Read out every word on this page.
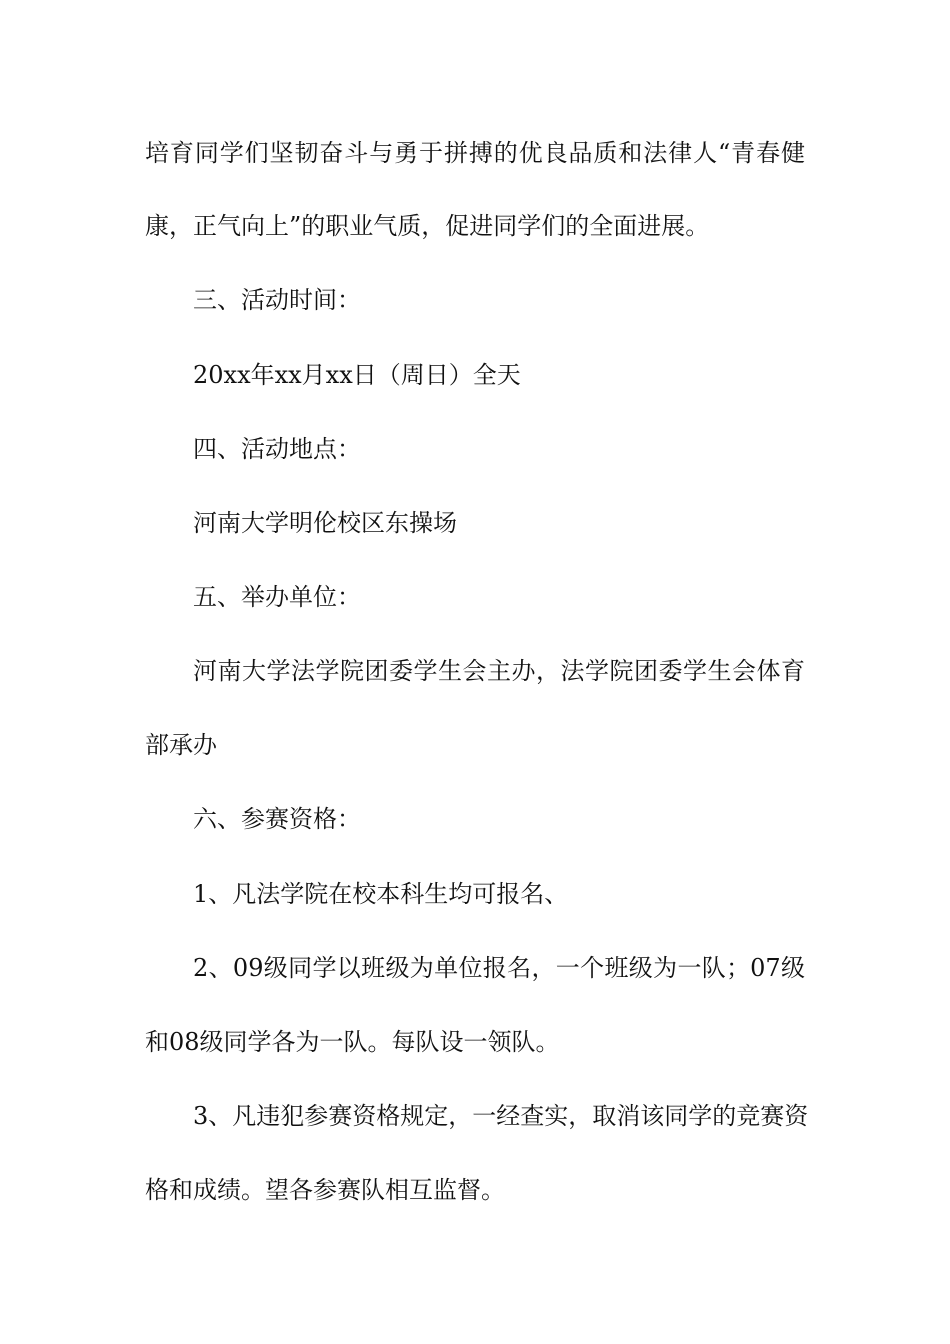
培育同学们坚韧奋斗与勇于拼搏的优良品质和法律人“青春健
康，正气向上”的职业气质，促进同学们的全面进展。
三、活动时间：
20xx年xx月xx日（周日）全天
四、活动地点：
河南大学明伦校区东操场
五、举办单位：
河南大学法学院团委学生会主办，法学院团委学生会体育
部承办
六、参赛资格：
1、凡法学院在校本科生均可报名、
2、09级同学以班级为单位报名，一个班级为一队；07级
和08级同学各为一队。每队设一领队。
3、凡违犯参赛资格规定，一经查实，取消该同学的竞赛资
格和成绩。望各参赛队相互监督。
